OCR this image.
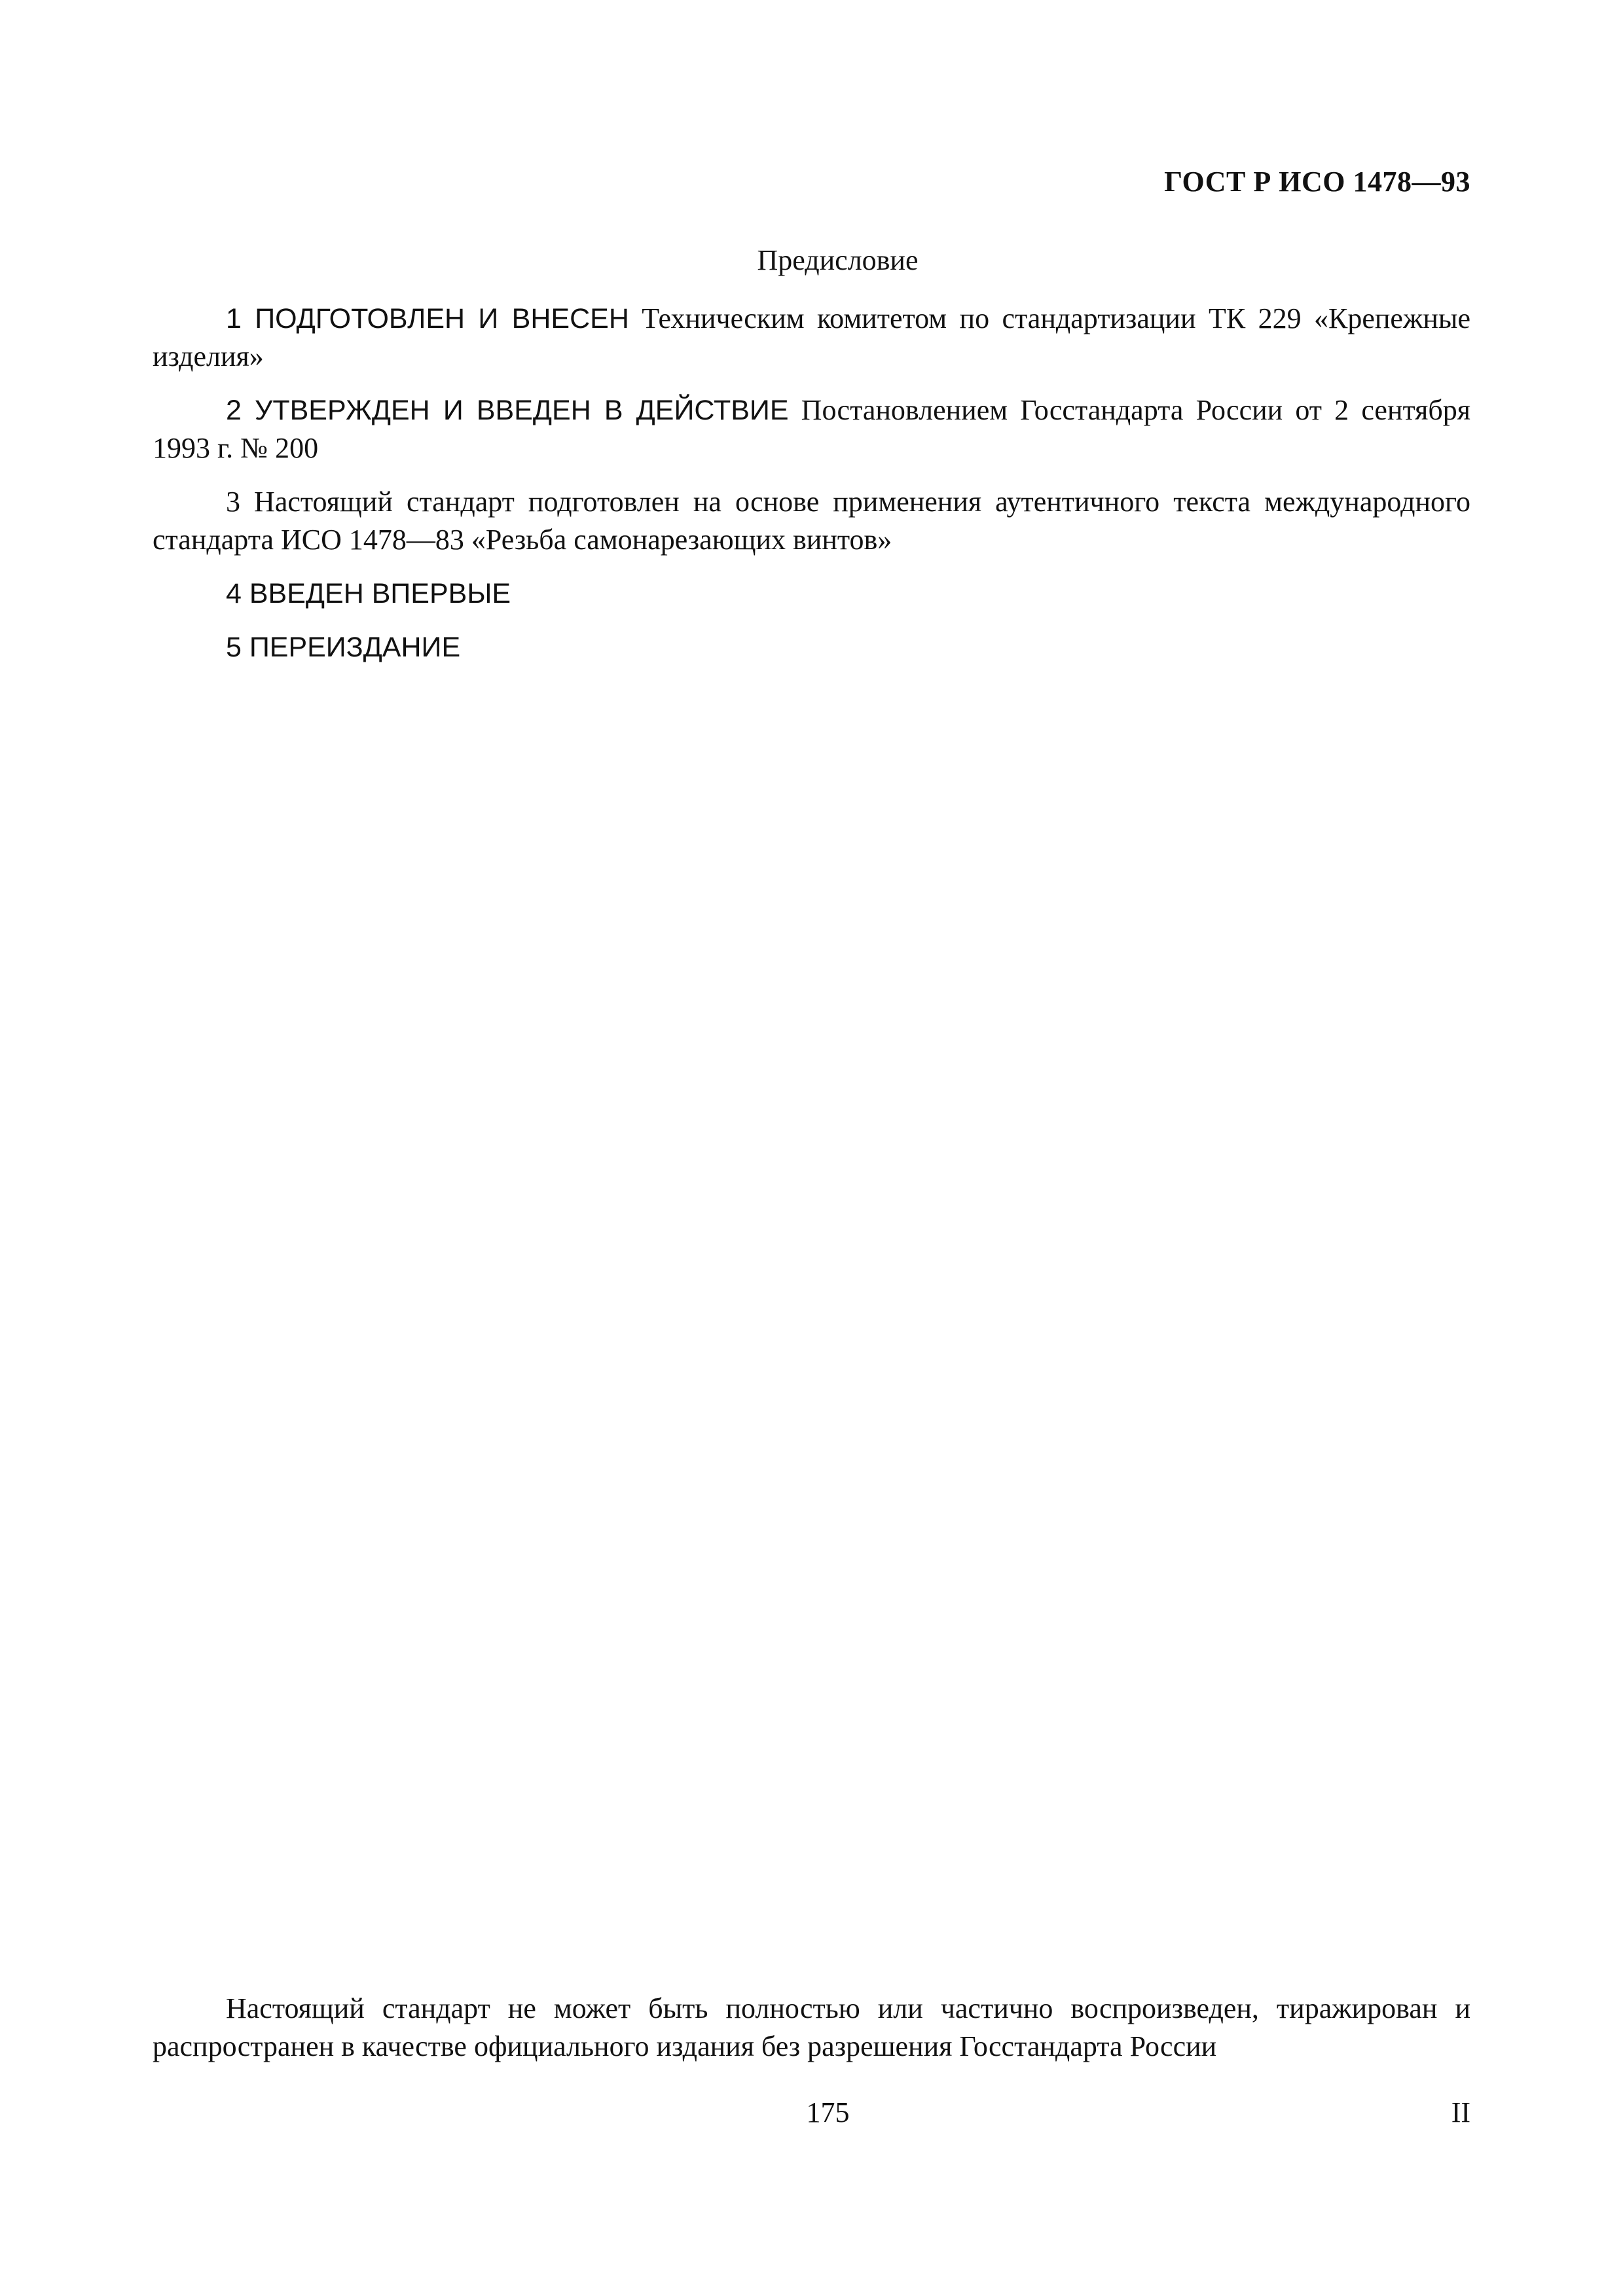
ГОСТ Р ИСО 1478—93
Предисловие

1 ПОДГОТОВЛЕН И ВНЕСЕН Техническим комитетом по стандартизации ТК 229 «Крепежные изделия»

2 УТВЕРЖДЕН И ВВЕДЕН В ДЕЙСТВИЕ Постановлением Госстандарта России от 2 сентября 1993 г. № 200

3 Настоящий стандарт подготовлен на основе применения аутентичного текста международного стандарта ИСО 1478—83 «Резьба самонарезающих винтов»

4 ВВЕДЕН ВПЕРВЫЕ

5 ПЕРЕИЗДАНИЕ

Настоящий стандарт не может быть полностью или частично воспроизведен, тиражирован и распространен в качестве официального издания без разрешения Госстандарта России

175	II
